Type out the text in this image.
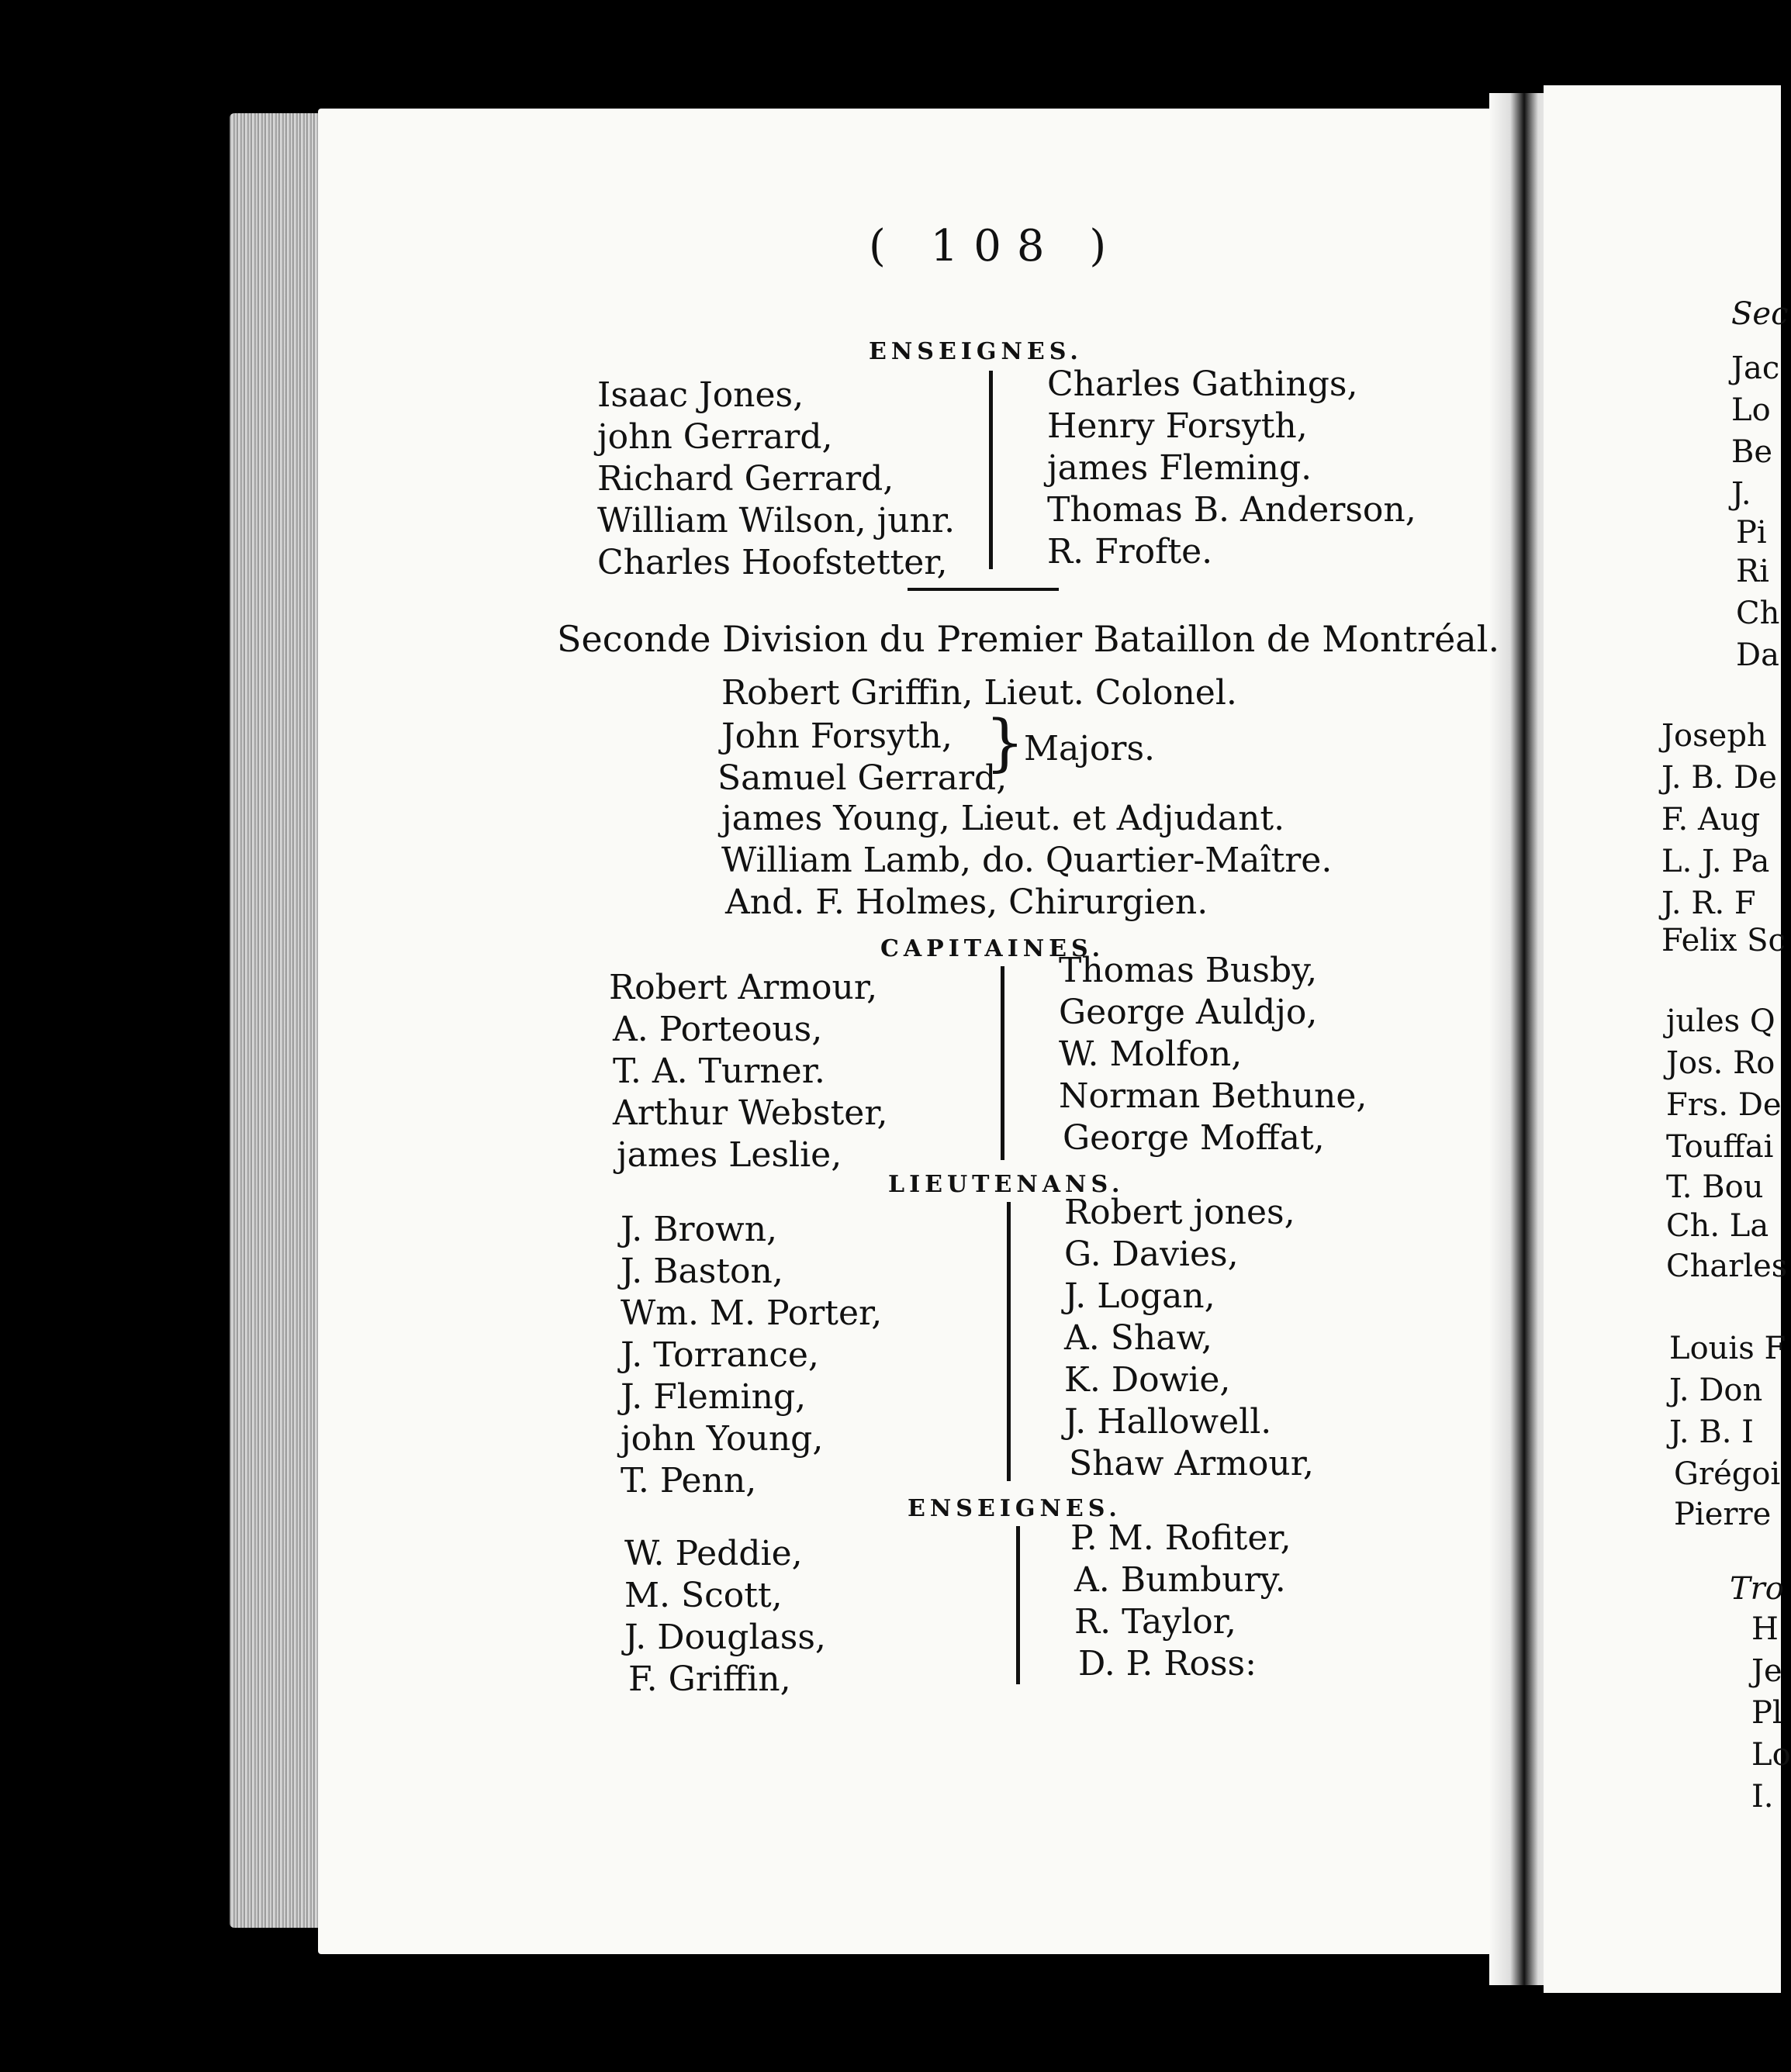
( 108 )
ENSEIGNES.
Isaac Jones,
john Gerrard,
Richard Gerrard,
William Wilson, junr.
Charles Hoofstetter,
Charles Gathings,
Henry Forsyth,
james Fleming.
Thomas B. Anderson,
R. Frofte.
Seconde Division du Premier Bataillon de Montréal.
Robert Griffin, Lieut. Colonel.
John Forsyth,
Samuel Gerrard,
} Majors.
james Young, Lieut. et Adjudant.
William Lamb, do. Quartier-Maître.
And. F. Holmes, Chirurgien.
CAPITAINES.
Robert Armour,
A. Porteous,
T. A. Turner.
Arthur Webster,
james Leslie,
Thomas Busby,
George Auldjo,
W. Molfon,
Norman Bethune,
George Moffat,
LIEUTENANS.
J. Brown,
J. Baston,
Wm. M. Porter,
J. Torrance,
J. Fleming,
john Young,
T. Penn,
Robert jones,
G. Davies,
J. Logan,
A. Shaw,
K. Dowie,
J. Hallowell.
Shaw Armour,
ENSEIGNES.
W. Peddie,
M. Scott,
J. Douglass,
F. Griffin,
P. M. Rofiter,
A. Bumbury.
R. Taylor,
D. P. Ross:
Sec
Jac
Lo
Be
J.
Pi
Ri
Ch
Da
Joseph
J. B. De
F. Aug
L. J. Pa
J. R. F
Felix Sc
jules Q
Jos. Ro
Frs. De
Touffai
T. Bou
Ch. La
Charles
Louis F
J. Don
J. B. I
Grégoi
Pierre
Tro
H
Je
Pl
Lo
I.
